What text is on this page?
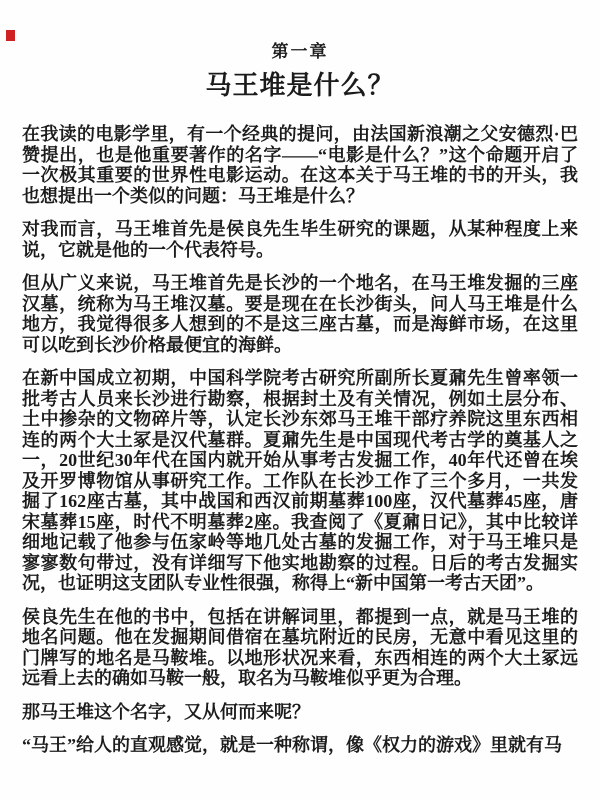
第一章
马王堆是什么？

在我读的电影学里，有一个经典的提问，由法国新浪潮之父安德烈·巴赞提出，也是他重要著作的名字——“电影是什么？”这个命题开启了一次极其重要的世界性电影运动。在这本关于马王堆的书的开头，我也想提出一个类似的问题：马王堆是什么？

对我而言，马王堆首先是侯良先生毕生研究的课题，从某种程度上来说，它就是他的一个代表符号。

但从广义来说，马王堆首先是长沙的一个地名，在马王堆发掘的三座汉墓，统称为马王堆汉墓。要是现在在长沙街头，问人马王堆是什么地方，我觉得很多人想到的不是这三座古墓，而是海鲜市场，在这里可以吃到长沙价格最便宜的海鲜。

在新中国成立初期，中国科学院考古研究所副所长夏鼐先生曾率领一批考古人员来长沙进行勘察，根据封土及有关情况，例如土层分布、土中掺杂的文物碎片等，认定长沙东郊马王堆干部疗养院这里东西相连的两个大土冢是汉代墓群。夏鼐先生是中国现代考古学的奠基人之一，20世纪30年代在国内就开始从事考古发掘工作，40年代还曾在埃及开罗博物馆从事研究工作。工作队在长沙工作了三个多月，一共发掘了162座古墓，其中战国和西汉前期墓葬100座，汉代墓葬45座，唐宋墓葬15座，时代不明墓葬2座。我查阅了《夏鼐日记》，其中比较详细地记载了他参与伍家岭等地几处古墓的发掘工作，对于马王堆只是寥寥数句带过，没有详细写下他实地勘察的过程。日后的考古发掘实况，也证明这支团队专业性很强，称得上“新中国第一考古天团”。

侯良先生在他的书中，包括在讲解词里，都提到一点，就是马王堆的地名问题。他在发掘期间借宿在墓坑附近的民房，无意中看见这里的门牌写的地名是马鞍堆。以地形状况来看，东西相连的两个大土冢远远看上去的确如马鞍一般，取名为马鞍堆似乎更为合理。

那马王堆这个名字，又从何而来呢？

“马王”给人的直观感觉，就是一种称谓，像《权力的游戏》里就有马
